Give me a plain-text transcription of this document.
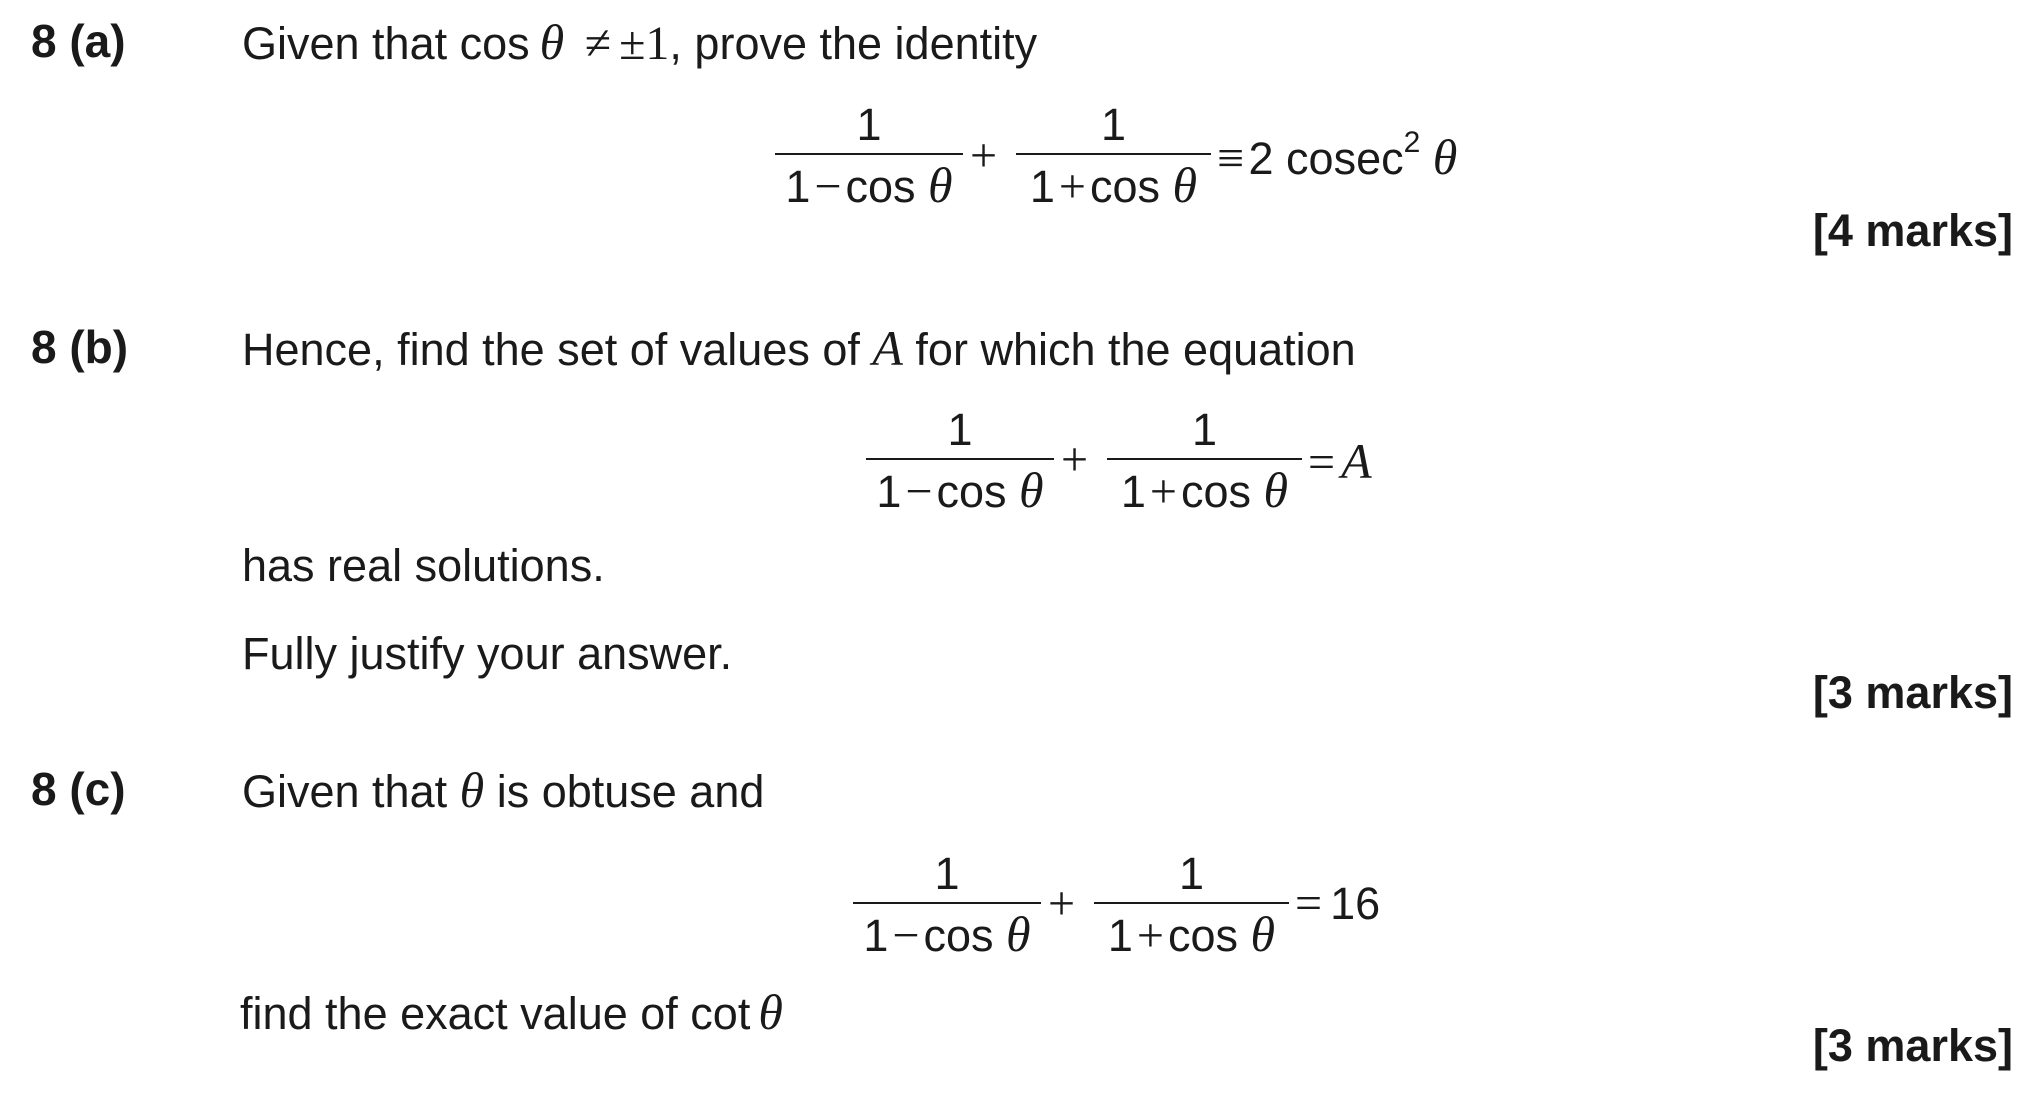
8 (a)	Given that cos θ ≠ ±1, prove the identity
1
1−cos θ
+
1
1+cos θ ≡ 2 cosec$^2$ θ
[4 marks]
8 (b)	Hence, find the set of values of A for which the equation
1
1−cos θ
+
1
1+cos θ = A
has real solutions.
Fully justify your answer.
[3 marks]
8 (c)	Given that θ is obtuse and
1
1−cos θ
+
1
1+cos θ
= 16
find the exact value of cot θ
[3 marks]
